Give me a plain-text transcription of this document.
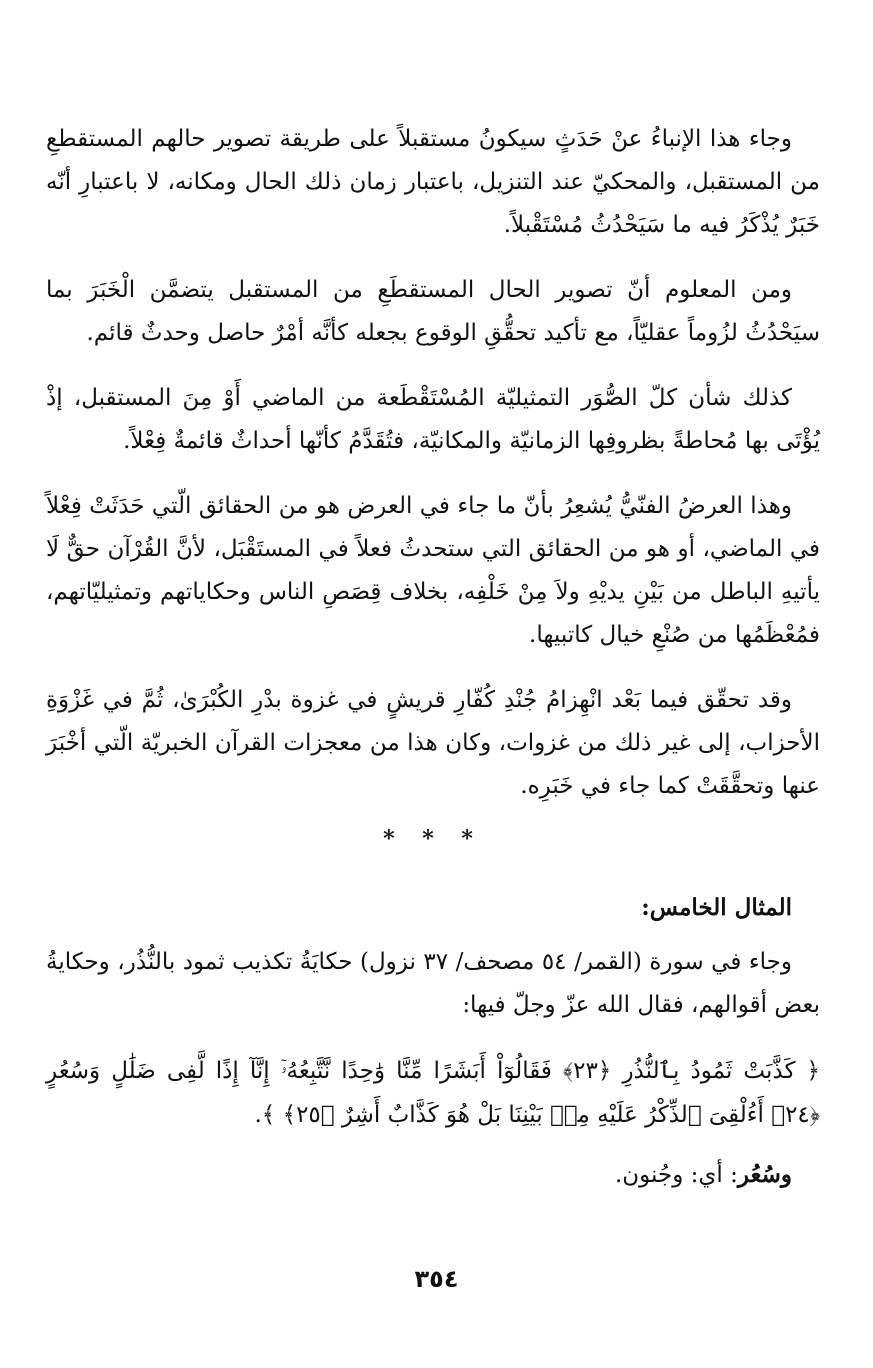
وجاء هذا الإنباءُ عنْ حَدَثٍ سيكونُ مستقبلاً على طريقة تصوير حالهم المستقطعِ من المستقبل، والمحكيّ عند التنزيل، باعتبار زمان ذلك الحال ومكانه، لا باعتبارِ أنّه خَبَرٌ يُذْكَرُ فيه ما سَيَحْدُثُ مُسْتَقْبلاً.

ومن المعلوم أنّ تصوير الحال المستقطَعِ من المستقبل يتضمَّن الْخَبَرَ بما سيَحْدُثُ لزُوماً عقليّاً، مع تأكيد تحقُّقِ الوقوع بجعله كأنَّه أمْرٌ حاصل وحدثٌ قائم.

كذلك شأن كلّ الصُّوَر التمثيليّة المُسْتَقْطَعة من الماضي أَوْ مِنَ المستقبل، إذْ يُؤْتَى بها مُحاطةً بظروفِها الزمانيّة والمكانيّة، فتُقَدَّمُ كأنّها أحداثٌ قائمةٌ فِعْلاً.

وهذا العرضُ الفنّيُّ يُشعِرُ بأنّ ما جاء في العرض هو من الحقائق الّتي حَدَثَتْ فِعْلاً في الماضي، أو هو من الحقائق التي ستحدثُ فعلاً في المستَقْبَل، لأنَّ القُرْآن حقٌّ لَا يأتيهِ الباطل من بَيْنِ يديْهِ ولاَ مِنْ خَلْفِه، بخلاف قِصَصِ الناس وحكاياتهم وتمثيليّاتهم، فمُعْظَمُها من صُنْعِ خيال كاتبيها.

وقد تحقّق فيما بَعْد انْهِزامُ جُنْدِ كُفّارِ قريشٍ في غزوة بدْرِ الكُبْرَىٰ، ثُمَّ في غَزْوَةِ الأحزاب، إلى غير ذلك من غزوات، وكان هذا من معجزات القرآن الخبريّة الّتي أخْبَرَ عنها وتحقَّقَتْ كما جاء في خَبَرِه.

* * *
المثال الخامس:

وجاء في سورة (القمر/ ٥٤ مصحف/ ٣٧ نزول) حكايَةُ تكذيب ثمود بالنُّذُر، وحكايةُ بعض أقوالهم، فقال الله عزّ وجلّ فيها:

﴿ كَذَّبَتْ ثَمُودُ بِٱلنُّذُرِ ﴿٢٣﴾ فَقَالُوٓاْ أَبَشَرًا مِّنَّا وَٰحِدًا نَّتَّبِعُهُۥٓ إِنَّآ إِذًا لَّفِى ضَلَٰلٍ وَسُعُرٍ ﴿٢٤﴾ أَءُلْقِىَ ٱلذِّكْرُ عَلَيْهِ مِنۢ بَيْنِنَا بَلْ هُوَ كَذَّابٌ أَشِرٌ ﴿٢٥﴾ ﴾.

وسُعُر: أي: وجُنون.
٣٥٤
